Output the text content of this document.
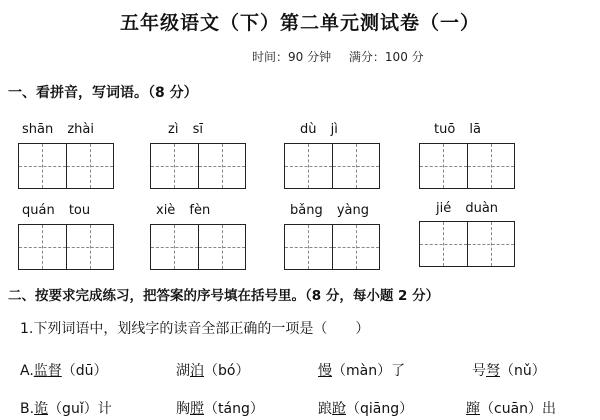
五年级语文（下）第二单元测试卷（一）
时间：90 分钟 满分：100 分
一、看拼音，写词语。（8 分）
shān zhài	zì sī	dù jì	tuō lā
quán tou	xiè fèn	bǎng yàng	jié duàn
二、按要求完成练习，把答案的序号填在括号里。（8 分，每小题 2 分）
1.下列词语中，划线字的读音全部正确的一项是（　　）
A.监督（dū）	湖泊（bó）	慢（màn）了	号弩（nǔ）
B.诡（guǐ）计	胸膛（táng）	踉跄（qiāng）	蹿（cuān）出
